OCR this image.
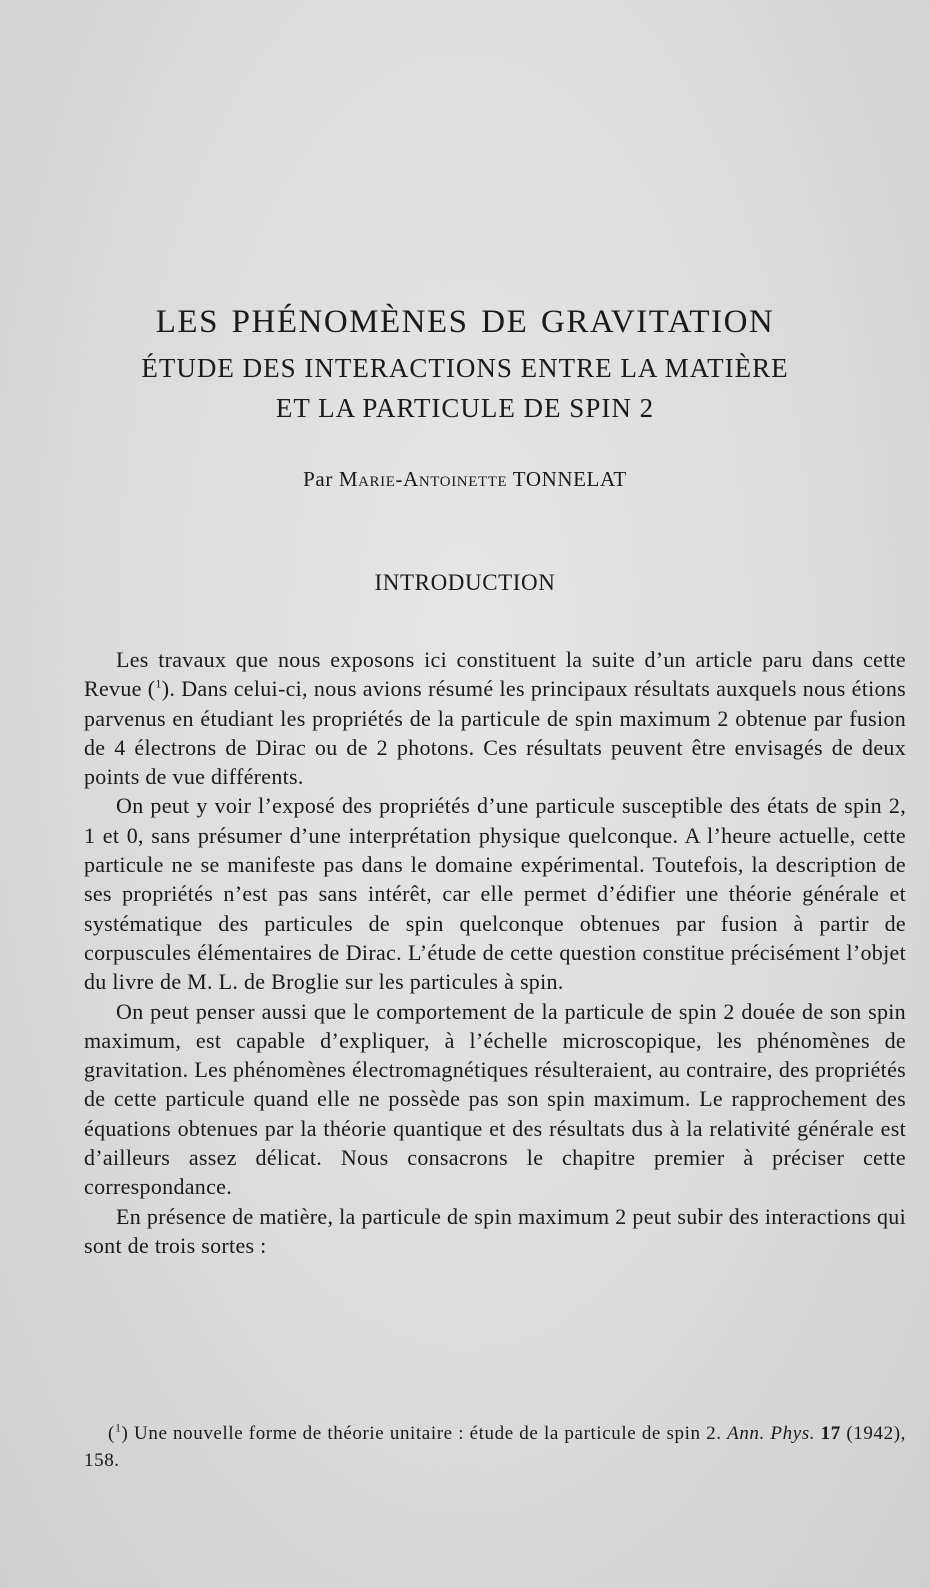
LES PHÉNOMÈNES DE GRAVITATION
ÉTUDE DES INTERACTIONS ENTRE LA MATIÈRE
ET LA PARTICULE DE SPIN 2
Par Marie-Antoinette TONNELAT
INTRODUCTION

Les travaux que nous exposons ici constituent la suite d’un article paru dans cette Revue ($^1$). Dans celui-ci, nous avions résumé les principaux résultats auxquels nous étions parvenus en étudiant les propriétés de la particule de spin maximum 2 obtenue par fusion de 4 électrons de Dirac ou de 2 photons. Ces résultats peuvent être envisagés de deux points de vue différents.

On peut y voir l’exposé des propriétés d’une particule susceptible des états de spin 2, 1 et 0, sans présumer d’une interprétation physique quelconque. A l’heure actuelle, cette particule ne se manifeste pas dans le domaine expérimental. Toutefois, la description de ses propriétés n’est pas sans intérêt, car elle permet d’édifier une théorie générale et systématique des particules de spin quelconque obtenues par fusion à partir de corpuscules élémentaires de Dirac. L’étude de cette question constitue précisément l’objet du livre de M. L. de Broglie sur les particules à spin.

On peut penser aussi que le comportement de la particule de spin 2 douée de son spin maximum, est capable d’expliquer, à l’échelle microscopique, les phénomènes de gravitation. Les phénomènes électromagnétiques résulteraient, au contraire, des propriétés de cette particule quand elle ne possède pas son spin maximum. Le rapprochement des équations obtenues par la théorie quantique et des résultats dus à la relativité générale est d’ailleurs assez délicat. Nous consacrons le chapitre premier à préciser cette correspondance.

En présence de matière, la particule de spin maximum 2 peut subir des interactions qui sont de trois sortes :

($^1$) Une nouvelle forme de théorie unitaire : étude de la particule de spin 2. Ann. Phys. 17 (1942), 158.
